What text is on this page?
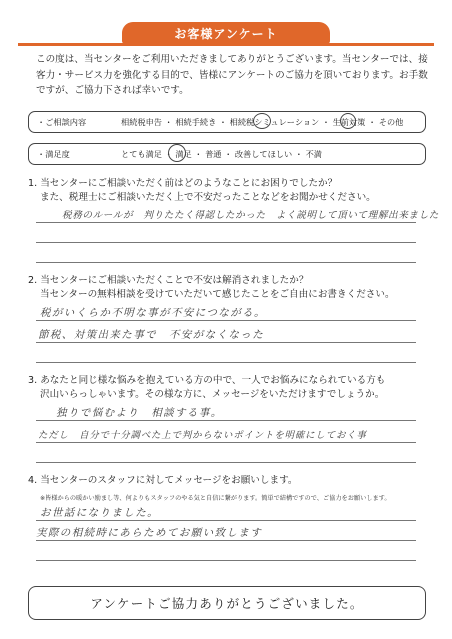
お客様アンケート
この度は、当センターをご利用いただきましてありがとうございます。当センターでは、接客力・サービス力を強化する目的で、皆様にアンケートのご協力を頂いております。お手数ですが、ご協力下されば幸いです。
・ご相談内容	相続税申告 ・ 相続手続き ・ 相続税シミュレーション ・ 生前対策 ・ その他
・満足度	とても満足 ・ 満足 ・ 普通 ・ 改善してほしい ・ 不満
1. 当センターにご相談いただく前はどのようなことにお困りでしたか？
また、税理士にご相談いただく上で不安だったことなどをお聞かせください。
税務のルールが　判りたたく得認したかった　よく説明して頂いて理解出来ました
2. 当センターにご相談いただくことで不安は解消されましたか？
当センターの無料相談を受けていただいて感じたことをご自由にお書きください。
税がいくらか不明な事が不安につながる。
節税、対策出来た事で　不安がなくなった
3. あなたと同じ様な悩みを抱えている方の中で、一人でお悩みになられている方も
沢山いらっしゃいます。その様な方に、メッセージをいただけますでしょうか。
独りで悩むより　相談する事。
ただし　自分で十分調べた上で判からないポイントを明確にしておく事
4. 当センターのスタッフに対してメッセージをお願いします。
※皆様からの暖かい励まし等、何よりもスタッフのやる気と自信に繋がります。簡単で結構ですので、ご協力をお願いします。
お世話になりました。
実際の相続時にあらためてお願い致します
アンケートご協力ありがとうございました。
